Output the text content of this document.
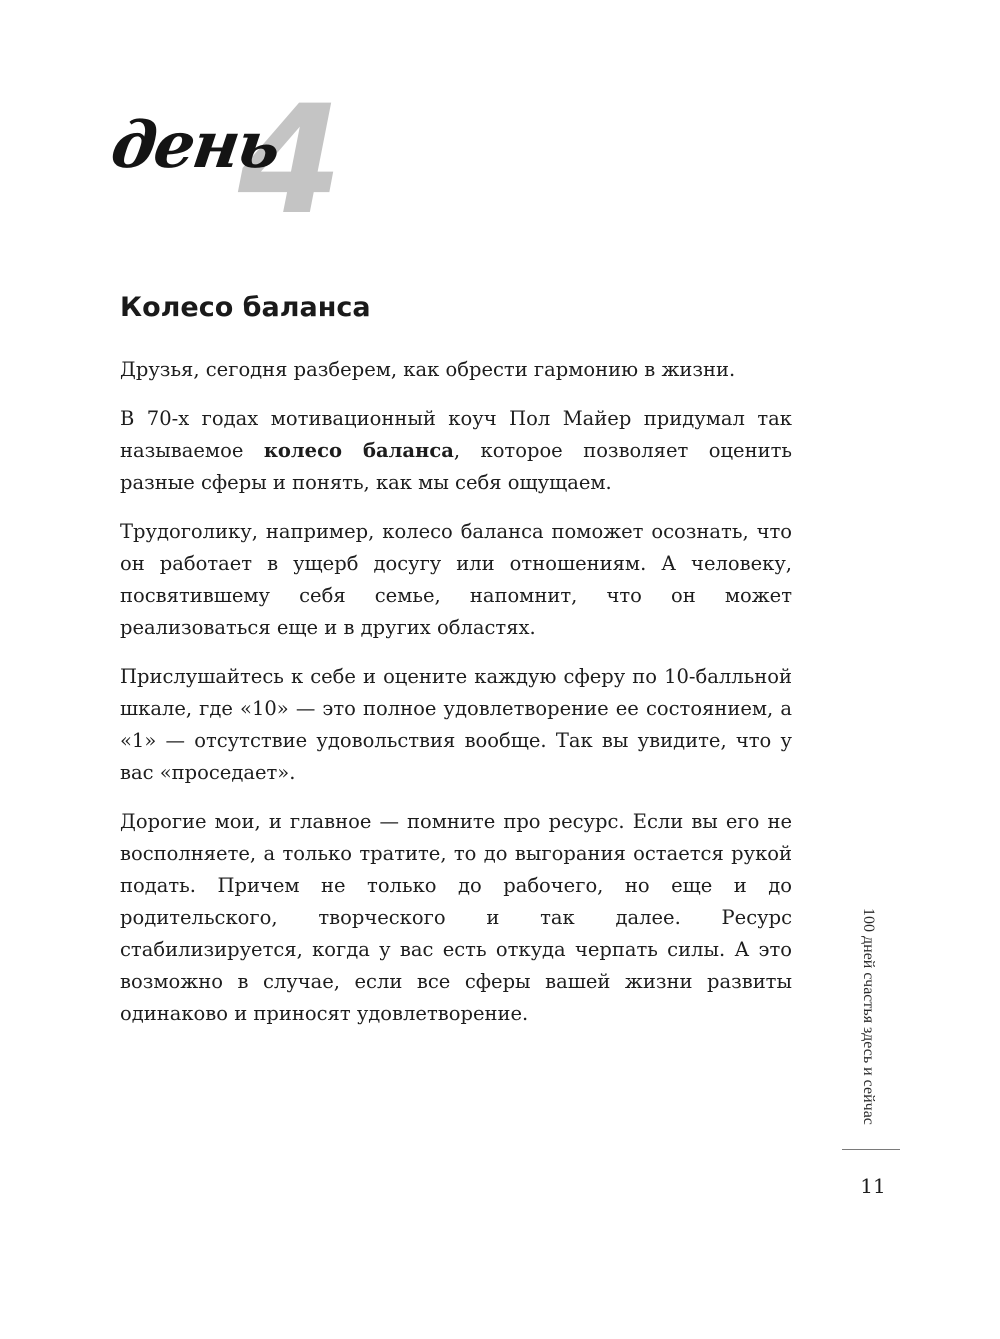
4
день
Колесо баланса

Друзья, сегодня разберем, как обрести гармонию в жизни.

В 70-х годах мотивационный коуч Пол Майер придумал так называемое колесо баланса, которое позволяет оценить разные сферы и понять, как мы себя ощущаем.

Трудоголику, например, колесо баланса поможет осознать, что он работает в ущерб досугу или отношениям. А человеку, посвятившему себя семье, напомнит, что он может реализоваться еще и в других областях.

Прислушайтесь к себе и оцените каждую сферу по 10-балльной шкале, где «10» — это полное удовлетворение ее состоянием, а «1» — отсутствие удовольствия вообще. Так вы увидите, что у вас «проседает».

Дорогие мои, и главное — помните про ресурс. Если вы его не восполняете, а только тратите, то до выгорания остается рукой подать. Причем не только до рабочего, но еще и до родительского, творческого и так далее. Ресурс стабилизируется, когда у вас есть откуда черпать силы. А это возможно в случае, если все сферы вашей жизни развиты одинаково и приносят удовлетворение.	100 дней счастья здесь и сейчас
11
